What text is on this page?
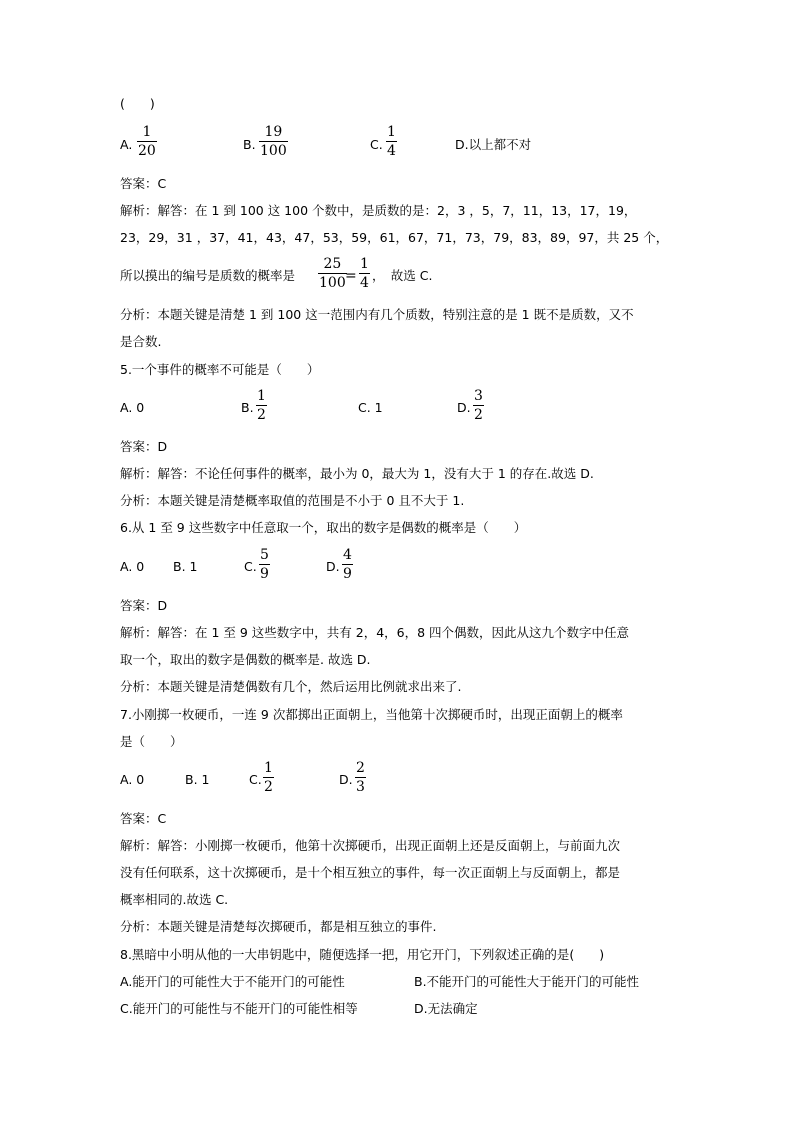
(　　)
A.
1
20	B.
19
100	C.
1
4	D.以上都不对
答案：C
解析：解答：在 1 到 100 这 100 个数中，是质数的是：2，3 ，5，7，11，13，17，19，
23，29，31 ，37，41，43，47，53，59，61，67，71，73，79，83，89，97，共 25 个，
所以摸出的编号是质数的概率是
25
100 =
1
4 ，　故选 C.
分析：本题关键是清楚 1 到 100 这一范围内有几个质数，特别注意的是 1 既不是质数，又不
是合数.
5.一个事件的概率不可能是（　　）
A. 0	B.
1
2	C. 1	D.
3
2
答案：D
解析：解答：不论任何事件的概率，最小为 0，最大为 1，没有大于 1 的存在.故选 D.
分析：本题关键是清楚概率取值的范围是不小于 0 且不大于 1.
6.从 1 至 9 这些数字中任意取一个，取出的数字是偶数的概率是（　　）
A. 0 B. 1	C.
5
9	D.
4
9
答案：D
解析：解答：在 1 至 9 这些数字中，共有 2，4，6，8 四个偶数，因此从这九个数字中任意
取一个，取出的数字是偶数的概率是. 故选 D.
分析：本题关键是清楚偶数有几个，然后运用比例就求出来了.
7.小刚掷一枚硬币，一连 9 次都掷出正面朝上，当他第十次掷硬币时，出现正面朝上的概率
是（　　）
A. 0	B. 1	C.
1
2	D.
2
3
答案：C
解析：解答：小刚掷一枚硬币，他第十次掷硬币，出现正面朝上还是反面朝上，与前面九次
没有任何联系，这十次掷硬币，是十个相互独立的事件，每一次正面朝上与反面朝上，都是
概率相同的.故选 C.
分析：本题关键是清楚每次掷硬币，都是相互独立的事件.
8.黑暗中小明从他的一大串钥匙中，随便选择一把，用它开门，下列叙述正确的是(　　)
A.能开门的可能性大于不能开门的可能性	B.不能开门的可能性大于能开门的可能性
C.能开门的可能性与不能开门的可能性相等	D.无法确定
